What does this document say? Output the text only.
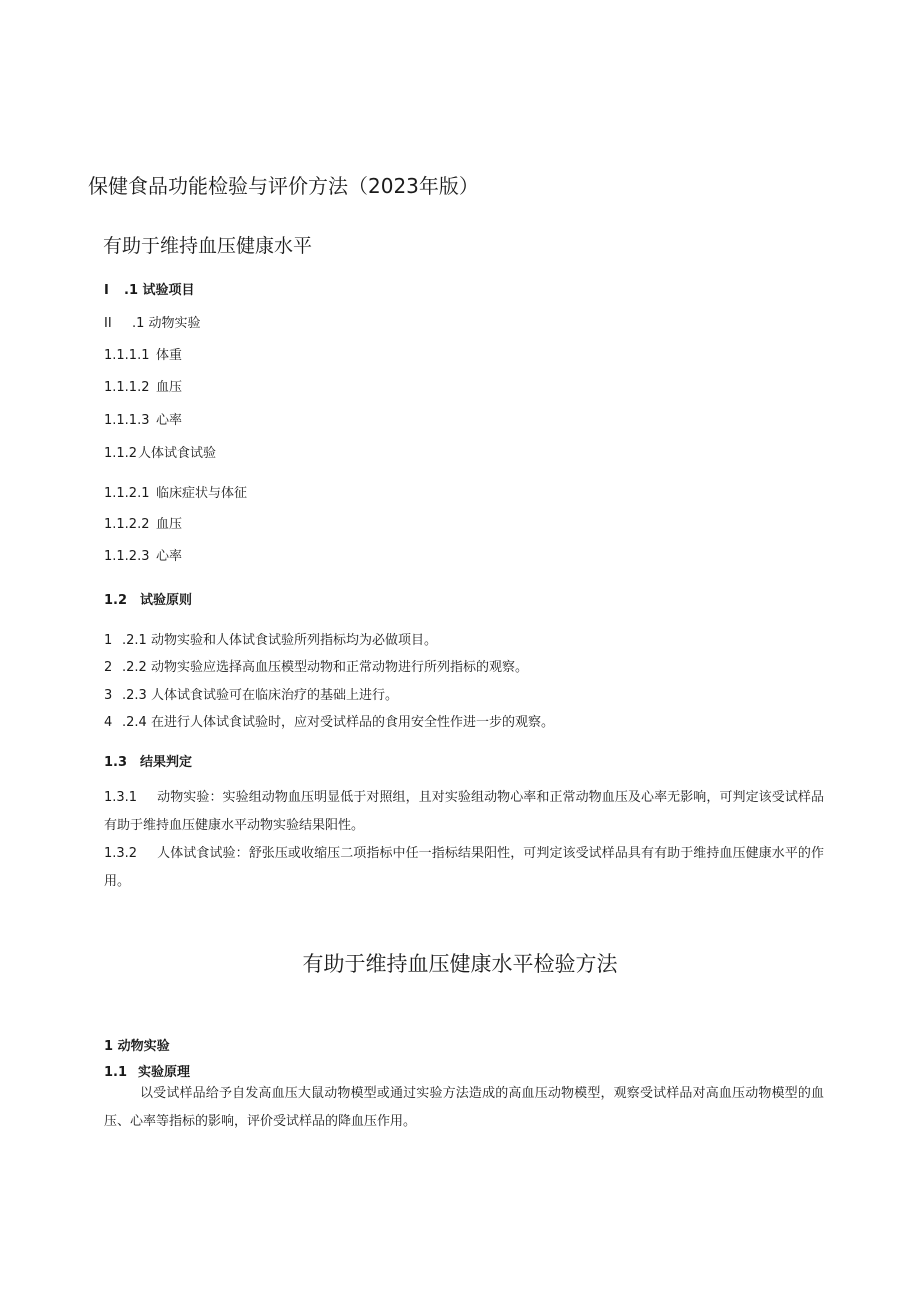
保健食品功能检验与评价方法（2023年版）
有助于维持血压健康水平
I .1 试验项目
II .1 动物实验
1.1.1.1 体重
1.1.1.2 血压
1.1.1.3 心率
1.1.2人体试食试验
1.1.2.1 临床症状与体征
1.1.2.2 血压
1.1.2.3 心率
1.2 试验原则
1 .2.1 动物实验和人体试食试验所列指标均为必做项目。
2 .2.2 动物实验应选择高血压模型动物和正常动物进行所列指标的观察。
3 .2.3 人体试食试验可在临床治疗的基础上进行。
4 .2.4 在进行人体试食试验时，应对受试样品的食用安全性作进一步的观察。
1.3 结果判定
1.3.1 动物实验：实验组动物血压明显低于对照组，且对实验组动物心率和正常动物血压及心率无影响，可判定该受试样品有助于维持血压健康水平动物实验结果阳性。
1.3.2 人体试食试验：舒张压或收缩压二项指标中任一指标结果阳性，可判定该受试样品具有有助于维持血压健康水平的作用。
有助于维持血压健康水平检验方法
1 动物实验
1.1 实验原理
以受试样品给予自发高血压大鼠动物模型或通过实验方法造成的高血压动物模型，观察受试样品对高血压动物模型的血压、心率等指标的影响，评价受试样品的降血压作用。
